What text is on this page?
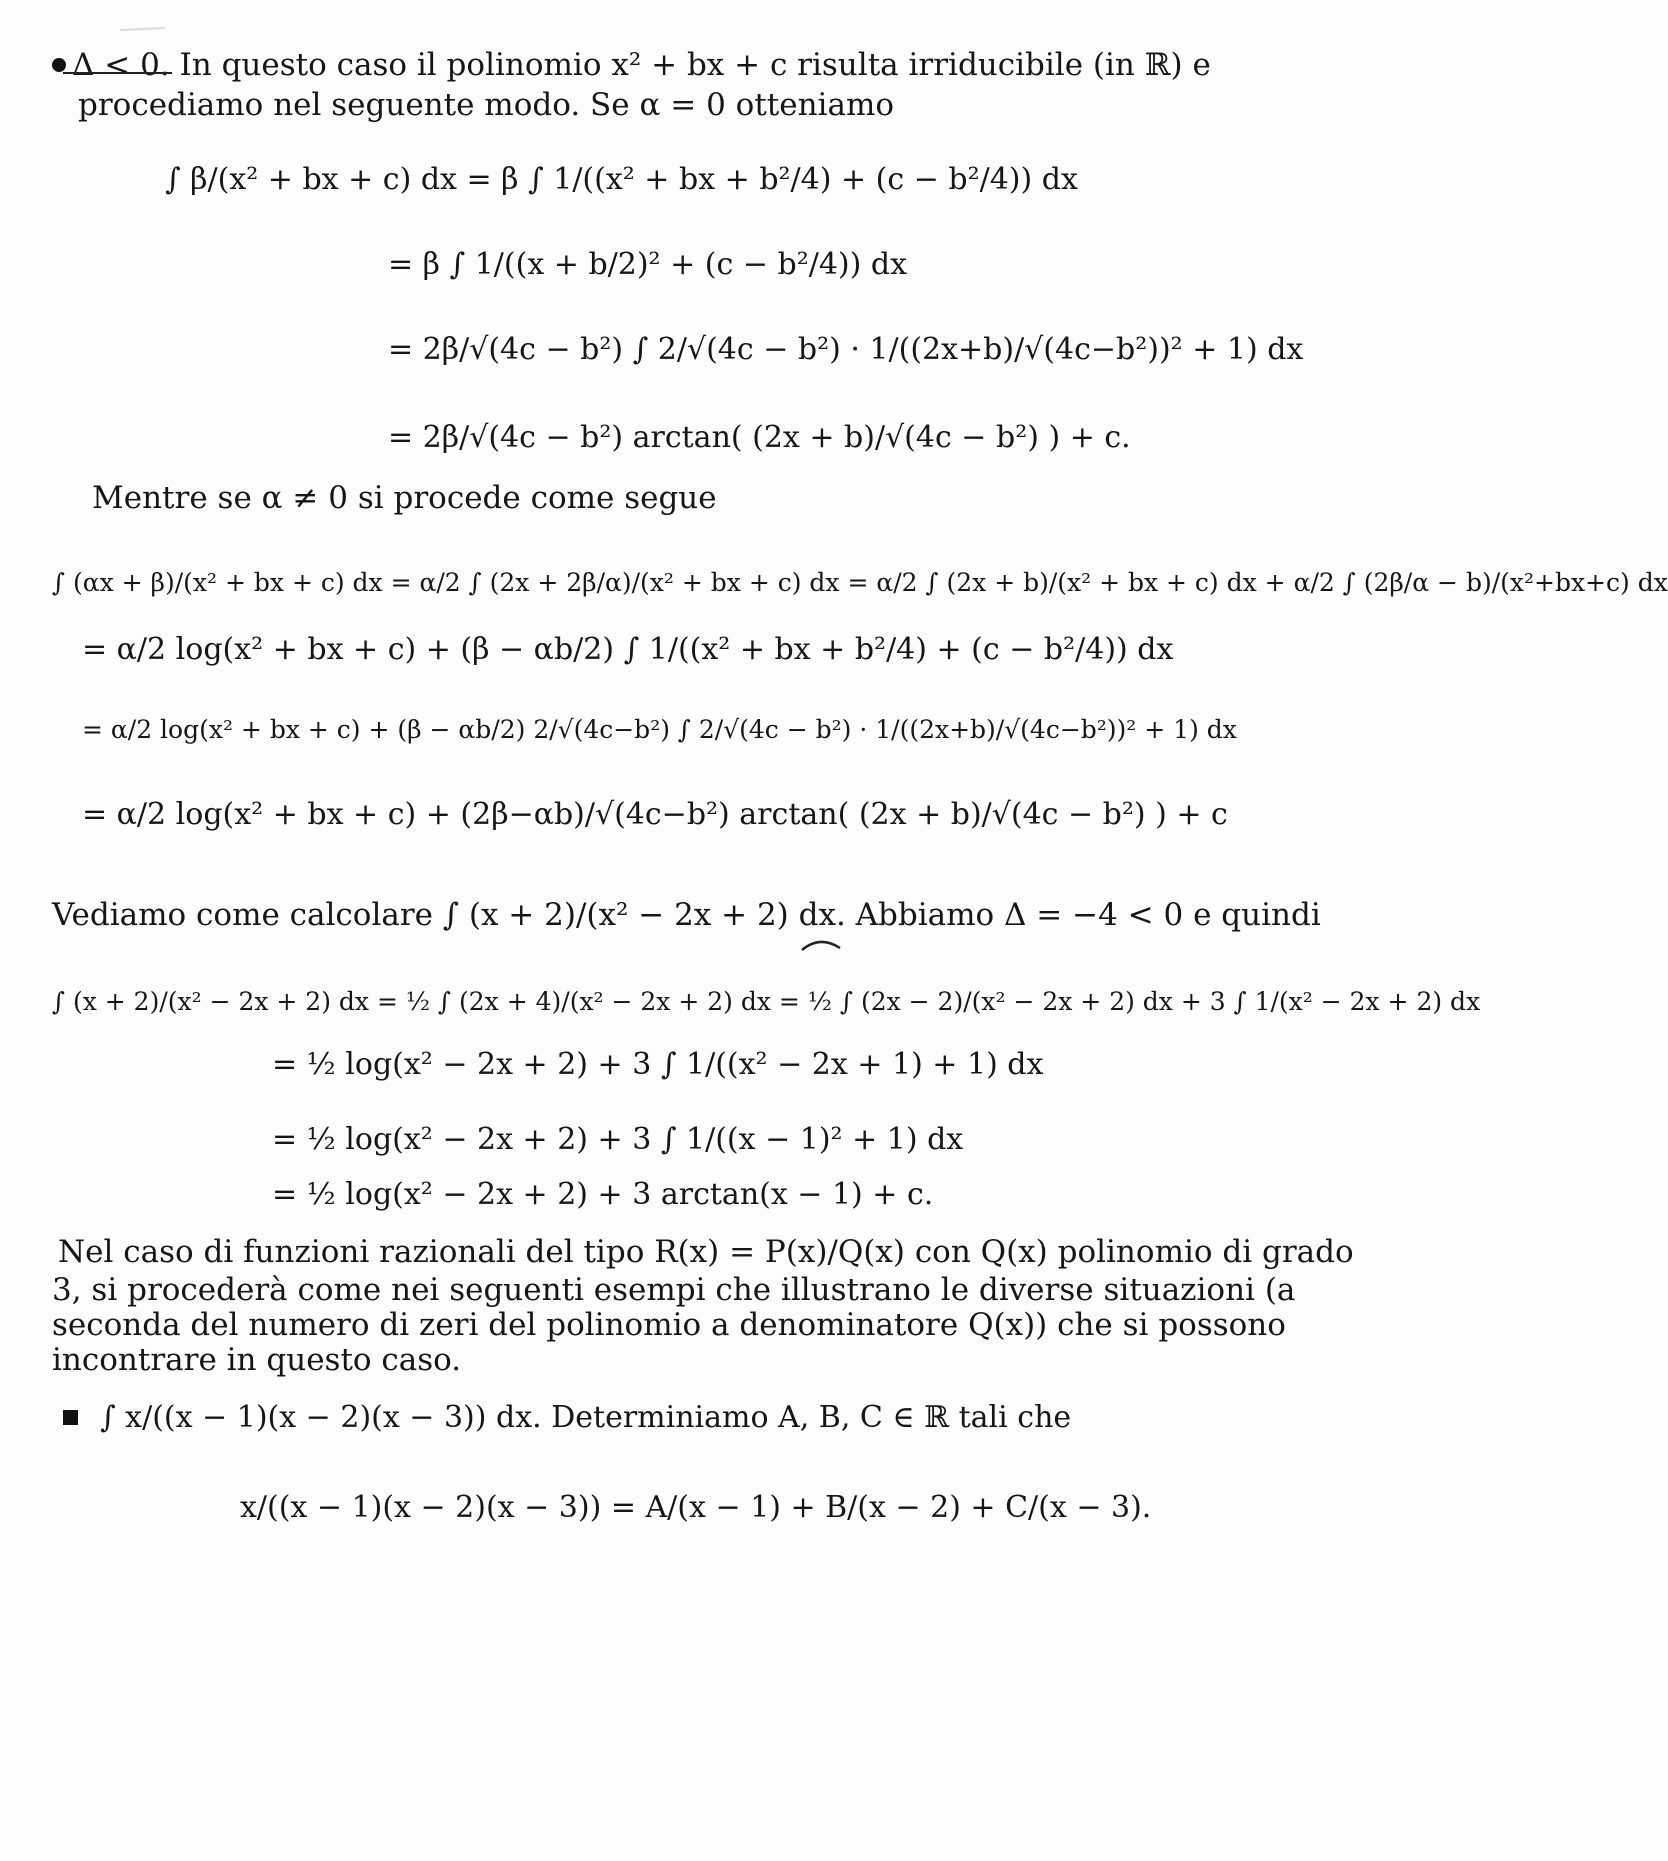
Δ < 0. In questo caso il polinomio x² + bx + c risulta irriducibile (in ℝ) e
procediamo nel seguente modo. Se α = 0 otteniamo
∫ β/(x² + bx + c) dx = β ∫ 1/((x² + bx + b²/4) + (c − b²/4)) dx
= β ∫ 1/((x + b/2)² + (c − b²/4)) dx
= 2β/√(4c − b²) ∫ 2/√(4c − b²) · 1/((2x+b)/√(4c−b²))² + 1) dx
= 2β/√(4c − b²) arctan( (2x + b)/√(4c − b²) ) + c.
Mentre se α ≠ 0 si procede come segue
∫ (αx + β)/(x² + bx + c) dx = α/2 ∫ (2x + 2β/α)/(x² + bx + c) dx = α/2 ∫ (2x + b)/(x² + bx + c) dx + α/2 ∫ (2β/α − b)/(x²+bx+c) dx
= α/2 log(x² + bx + c) + (β − αb/2) ∫ 1/((x² + bx + b²/4) + (c − b²/4)) dx
= α/2 log(x² + bx + c) + (β − αb/2) 2/√(4c−b²) ∫ 2/√(4c − b²) · 1/((2x+b)/√(4c−b²))² + 1) dx
= α/2 log(x² + bx + c) + (2β−αb)/√(4c−b²) arctan( (2x + b)/√(4c − b²) ) + c
Vediamo come calcolare ∫ (x + 2)/(x² − 2x + 2) dx. Abbiamo Δ = −4 < 0 e quindi
∫ (x + 2)/(x² − 2x + 2) dx = ½ ∫ (2x + 4)/(x² − 2x + 2) dx = ½ ∫ (2x − 2)/(x² − 2x + 2) dx + 3 ∫ 1/(x² − 2x + 2) dx
= ½ log(x² − 2x + 2) + 3 ∫ 1/((x² − 2x + 1) + 1) dx
= ½ log(x² − 2x + 2) + 3 ∫ 1/((x − 1)² + 1) dx
= ½ log(x² − 2x + 2) + 3 arctan(x − 1) + c.
Nel caso di funzioni razionali del tipo R(x) = P(x)/Q(x) con Q(x) polinomio di grado
3, si procederà come nei seguenti esempi che illustrano le diverse situazioni (a
seconda del numero di zeri del polinomio a denominatore Q(x)) che si possono
incontrare in questo caso.
∫ x/((x − 1)(x − 2)(x − 3)) dx. Determiniamo A, B, C ∈ ℝ tali che
x/((x − 1)(x − 2)(x − 3)) = A/(x − 1) + B/(x − 2) + C/(x − 3).
